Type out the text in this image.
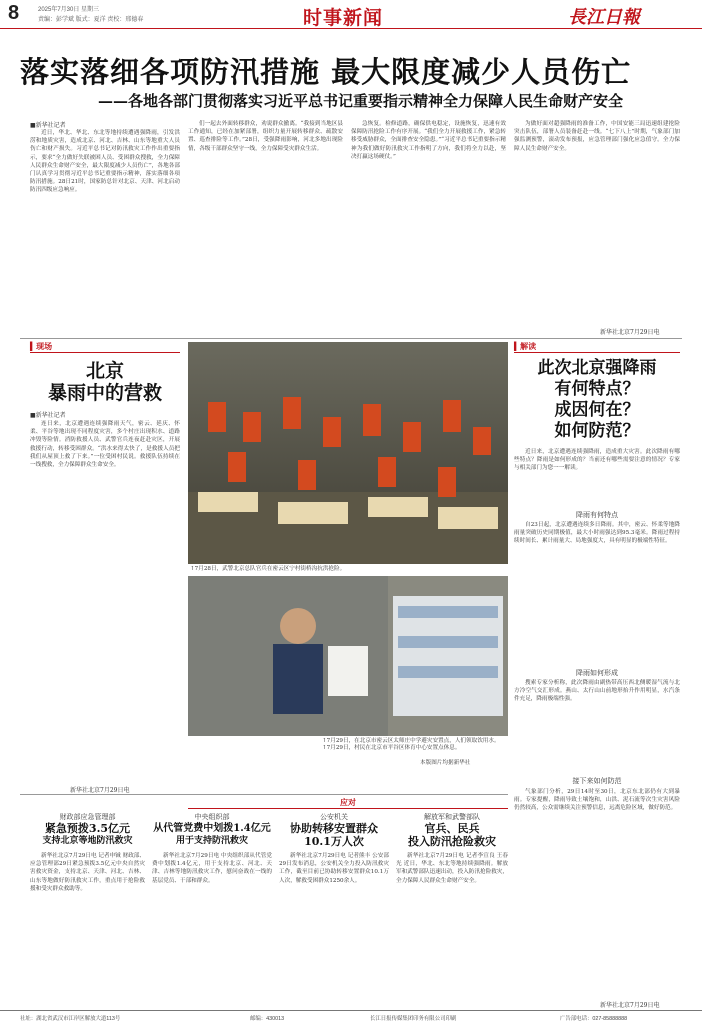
8	2025年7月30日 星期三
责编：彭学斌 版式：夏洋 责校：邢德春	时事新闻	長江日報
落实落细各项防汛措施 最大限度减少人员伤亡
——各地各部门贯彻落实习近平总书记重要指示精神全力保障人民生命财产安全
■新华社记者
近日，华北、华北、东北等地持续遭遇强降雨，引发洪涝和地质灾害，造成北京、河北、吉林、山东等地重大人员伤亡和财产损失。习近平总书记对防汛救灾工作作出重要指示，要求“全力做好失联被困人员、受困群众搜救，全力保障人民群众生命财产安全，最大限度减少人员伤亡”，各地各部门认真学习贯彻习近平总书记重要指示精神，落实落细各项防汛措施。28日21时，国家防总针对北京、天津、河北启动防汛四级应急响应。
们一起去外面转移群众，劝说群众撤离。“我接到当地区县工作通知，已经在加紧部署，组织力量开展转移群众、疏散安置、巡查排险等工作。”28日，受强降雨影响，河北多地出现险情，各级干部群众坚守一线，全力保障受灾群众生活。
急恢复。检修道路，确保供电稳定，设施恢复，迅速有效保障防汛抢险工作有序开展。“我们全力开展救援工作，紧急转移受威胁群众，全面排查安全隐患。”“习近平总书记重要指示精神为我们做好防汛救灾工作指明了方向，我们将全力以赴，坚决打赢这场硬仗。”
为做好面对超强降雨的准备工作，中国安能三局迅速组建抢险突击队伍，部署人员装备赶赴一线。“七下八上”时期，气象部门加强监测预警，滚动发布预报，应急管理部门强化应急值守。全力保障人民生命财产安全。
新华社北京7月29日电
▍现场
北京
暴雨中的营救
■新华社记者
连日来，北京遭遇连续强降雨天气，密云、延庆、怀柔、平谷等地出现不同程度灾害，多个村庄出现积水、道路冲毁等险情。消防救援人员、武警官兵连夜赶赴灾区，开展救援行动，转移受困群众。“洪水来得太快了，是救援人员把我们从屋顶上救了下来。”一位受困村民说。救援队伍持续在一线搜救，全力保障群众生命安全。
新华社北京7月29日电
↑7月28日，武警北京总队官兵在密云区宁村街桥沟抗洪抢险。
↑7月29日，在北京市密云区太师庄中学避灾安置点，人们领取饮用水。
↑7月29日，村民在北京市平谷区体育中心安置点休息。
本版图片均据新华社
▍解读
此次北京强降雨
有何特点？
成因何在？
如何防范？
近日来，北京遭遇连续强降雨，造成重大灾害。此次降雨有哪些特点？降雨是如何形成的？当前还有哪些需要注意的情况？专家与相关部门为您一一解读。
降雨有何特点
自23日起，北京遭遇连续多日降雨。其中，密云、怀柔等地降雨量突破历史同期极值，最大小时雨强达到95.3毫米。降雨过程持续时间长、累计雨量大、局地强度大，具有明显的极端性特征。
降雨如何形成
搜索专家分析称，此次降雨由副热带高压西北侧暖湿气流与北方冷空气交汇形成。燕山、太行山山前地形抬升作用明显，水汽条件充足，降雨极端性强。
接下来如何防范
气象部门分析，29日14时至30日，北京东北部仍有大到暴雨。专家提醒，降雨导致土壤饱和，山洪、泥石流等次生灾害风险仍然较高，公众需继续关注预警信息，远离危险区域，做好防范。
新华社北京7月29日电
应对
财政部应急管理部
紧急预拨3.5亿元
支持北京等地防汛救灾
新华社北京7月29日电 记者申铖 财政部、应急管理部29日紧急预拨3.5亿元中央自然灾害救灾资金，支持北京、天津、河北、吉林、山东等地做好防汛救灾工作，重点用于抢险救援和受灾群众救助等。
中央组织部
从代管党费中划拨1.4亿元
用于支持防汛救灾
新华社北京7月29日电 中央组织部从代管党费中划拨1.4亿元，用于支持北京、河北、天津、吉林等地防汛救灾工作，慰问奋战在一线的基层党员、干部和群众。
公安机关
协助转移安置群众
10.1万人次
新华社北京7月29日电 记者熊丰 公安部29日发布消息，公安机关全力投入防汛救灾工作，截至目前已协助转移安置群众10.1万人次，解救受困群众1250余人。
解放军和武警部队
官兵、民兵
投入防汛抢险救灾
新华社北京7月29日电 记者李宣良 王春光 近日，华北、东北等地持续强降雨。解放军和武警部队迅速出动，投入防汛抢险救灾，全力保障人民群众生命财产安全。
社址：湖北省武汉市江岸区解放大道113号	邮编：430013	长江日报传媒集团印务有限公司印刷	广告部电话：027-85888888
